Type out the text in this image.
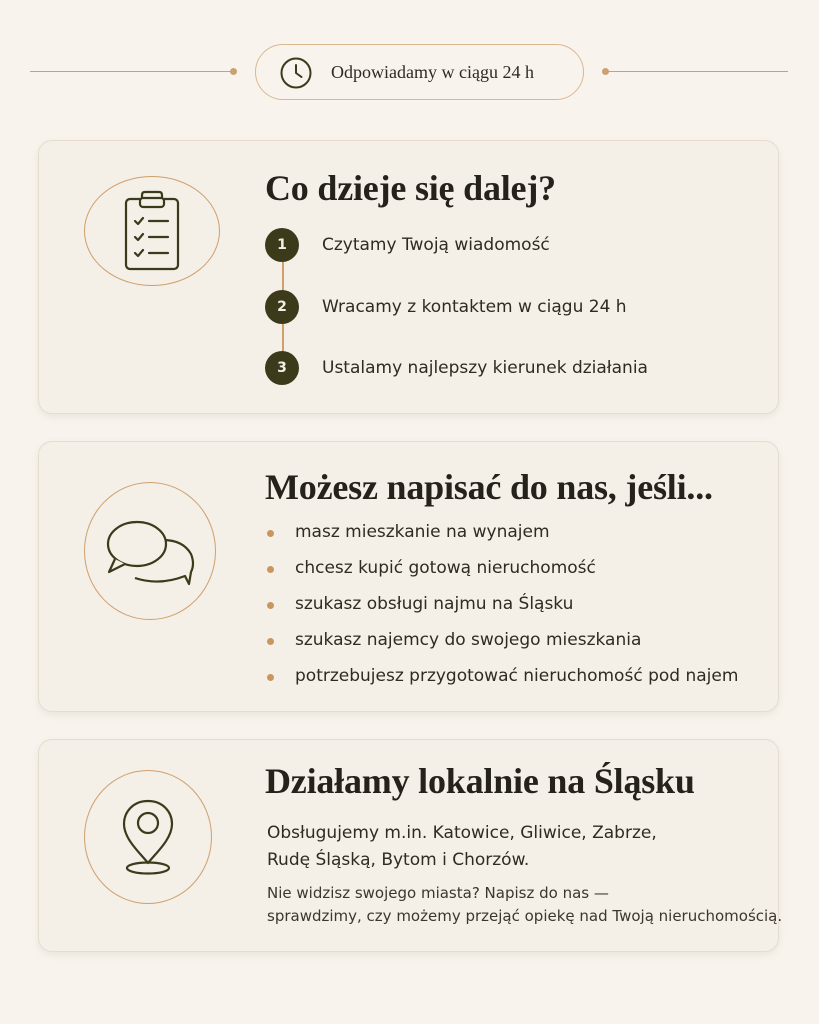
Odpowiadamy w ciągu 24 h
Co dzieje się dalej?
1	Czytamy Twoją wiadomość
2	Wracamy z kontaktem w ciągu 24 h
3	Ustalamy najlepszy kierunek działania
Możesz napisać do nas, jeśli...
masz mieszkanie na wynajem
chcesz kupić gotową nieruchomość
szukasz obsługi najmu na Śląsku
szukasz najemcy do swojego mieszkania
potrzebujesz przygotować nieruchomość pod najem
Działamy lokalnie na Śląsku

Obsługujemy m.in. Katowice, Gliwice, Zabrze,
Rudę Śląską, Bytom i Chorzów.

Nie widzisz swojego miasta? Napisz do nas —
sprawdzimy, czy możemy przejąć opiekę nad Twoją nieruchomością.
